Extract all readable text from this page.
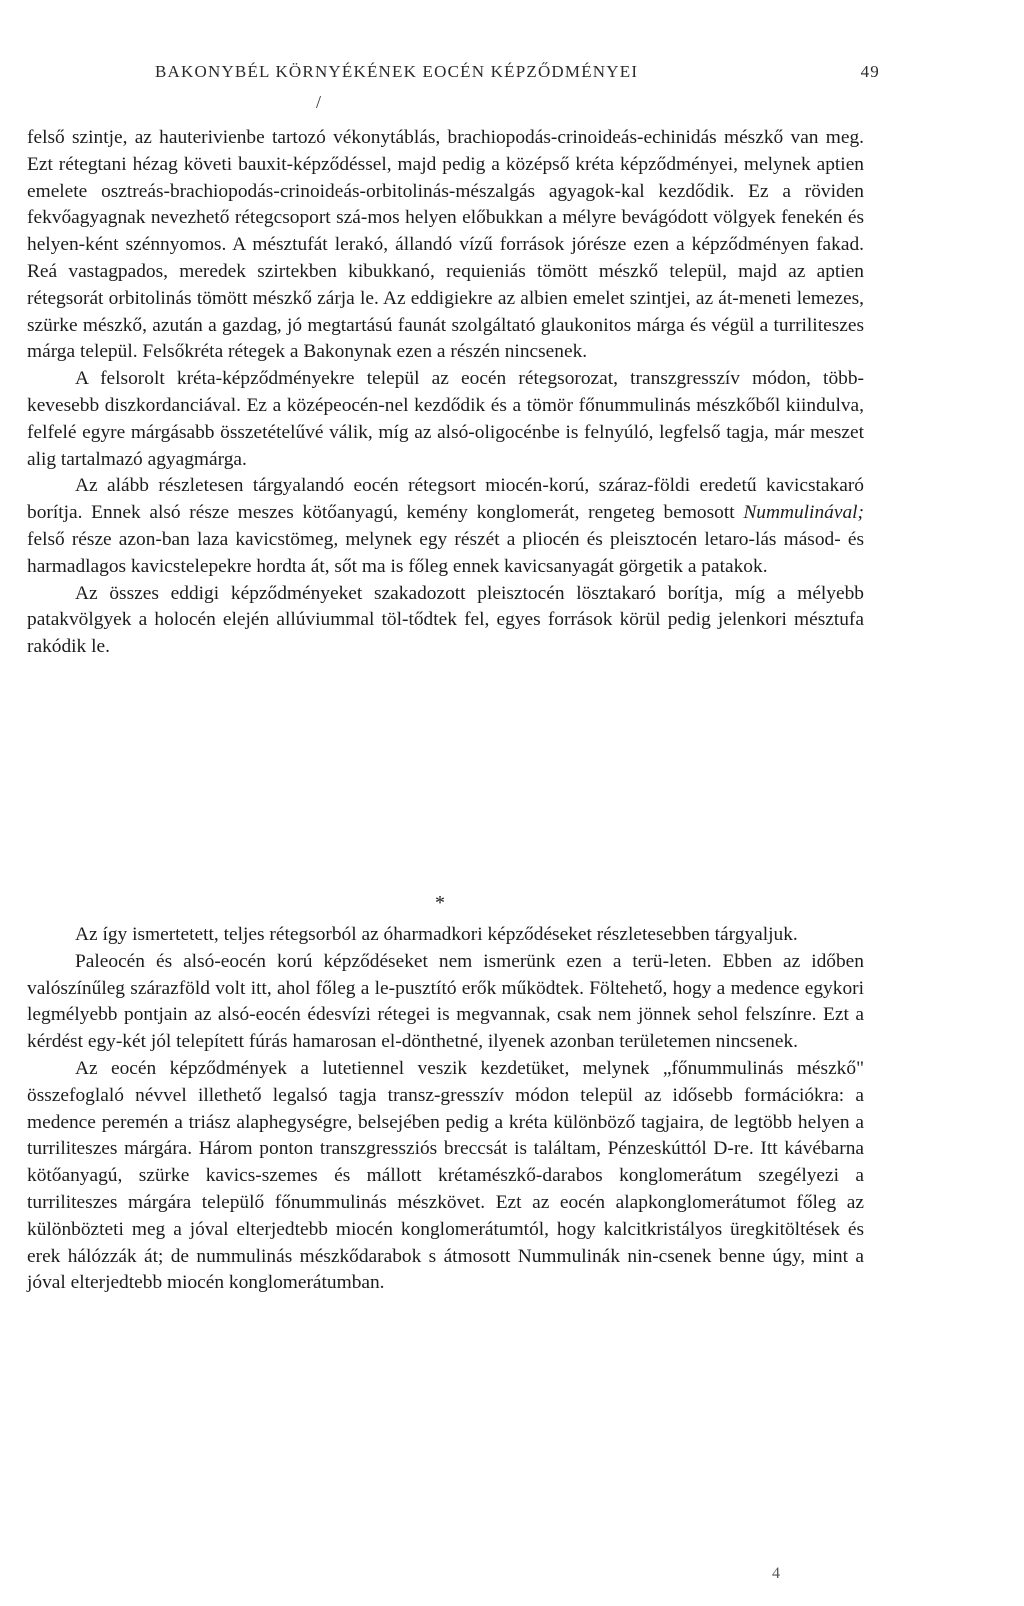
BAKONYBÉL KÖRNYÉKÉNEK EOCÉN KÉPZŐDMÉNYEI	49
/

felső szintje, az hauterivienbe tartozó vékonytáblás, brachiopodás-crinoideás-echinidás mészkő van meg. Ezt rétegtani hézag követi bauxit-képződéssel, majd pedig a középső kréta képződményei, melynek aptien emelete osztreás-brachiopodás-crinoideás-orbitolinás-mészalgás agyagok-kal kezdődik. Ez a röviden fekvőagyagnak nevezhető rétegcsoport szá-mos helyen előbukkan a mélyre bevágódott völgyek fenekén és helyen-ként szénnyomos. A mésztufát lerakó, állandó vízű források jórésze ezen a képződményen fakad. Reá vastagpados, meredek szirtekben kibukkanó, requieniás tömött mészkő települ, majd az aptien rétegsorát orbitolinás tömött mészkő zárja le. Az eddigiekre az albien emelet szintjei, az át-meneti lemezes, szürke mészkő, azután a gazdag, jó megtartású faunát szolgáltató glaukonitos márga és végül a turriliteszes márga települ. Felsőkréta rétegek a Bakonynak ezen a részén nincsenek.

A felsorolt kréta-képződményekre települ az eocén rétegsorozat, transzgresszív módon, több-kevesebb diszkordanciával. Ez a középeocén-nel kezdődik és a tömör főnummulinás mészkőből kiindulva, felfelé egyre márgásabb összetételűvé válik, míg az alsó-oligocénbe is felnyúló, legfelső tagja, már meszet alig tartalmazó agyagmárga.

Az alább részletesen tárgyalandó eocén rétegsort miocén-korú, száraz-földi eredetű kavicstakaró borítja. Ennek alsó része meszes kötőanyagú, kemény konglomerát, rengeteg bemosott Nummulinával; felső része azon-ban laza kavicstömeg, melynek egy részét a pliocén és pleisztocén letaro-lás másod- és harmadlagos kavicstelepekre hordta át, sőt ma is főleg ennek kavicsanyagát görgetik a patakok.

Az összes eddigi képződményeket szakadozott pleisztocén lösztakaró borítja, míg a mélyebb patakvölgyek a holocén elején allúviummal töl-tődtek fel, egyes források körül pedig jelenkori mésztufa rakódik le.

*

Az így ismertetett, teljes rétegsorból az óharmadkori képződéseket részletesebben tárgyaljuk.

Paleocén és alsó-eocén korú képződéseket nem ismerünk ezen a terü-leten. Ebben az időben valószínűleg szárazföld volt itt, ahol főleg a le-pusztító erők működtek. Föltehető, hogy a medence egykori legmélyebb pontjain az alsó-eocén édesvízi rétegei is megvannak, csak nem jönnek sehol felszínre. Ezt a kérdést egy-két jól telepített fúrás hamarosan el-dönthetné, ilyenek azonban területemen nincsenek.

Az eocén képződmények a lutetiennel veszik kezdetüket, melynek „főnummulinás mészkő" összefoglaló névvel illethető legalsó tagja transz-gresszív módon települ az idősebb formációkra: a medence peremén a triász alaphegységre, belsejében pedig a kréta különböző tagjaira, de legtöbb helyen a turriliteszes márgára. Három ponton transzgressziós breccsát is találtam, Pénzeskúttól D-re. Itt kávébarna kötőanyagú, szürke kavics-szemes és mállott krétamészkő-darabos konglomerátum szegélyezi a turriliteszes márgára települő főnummulinás mészkövet. Ezt az eocén alapkonglomerátumot főleg az különbözteti meg a jóval elterjedtebb miocén konglomerátumtól, hogy kalcitkristályos üregkitöltések és erek hálózzák át; de nummulinás mészkődarabok s átmosott Nummulinák nin-csenek benne úgy, mint a jóval elterjedtebb miocén konglomerátumban.

4
